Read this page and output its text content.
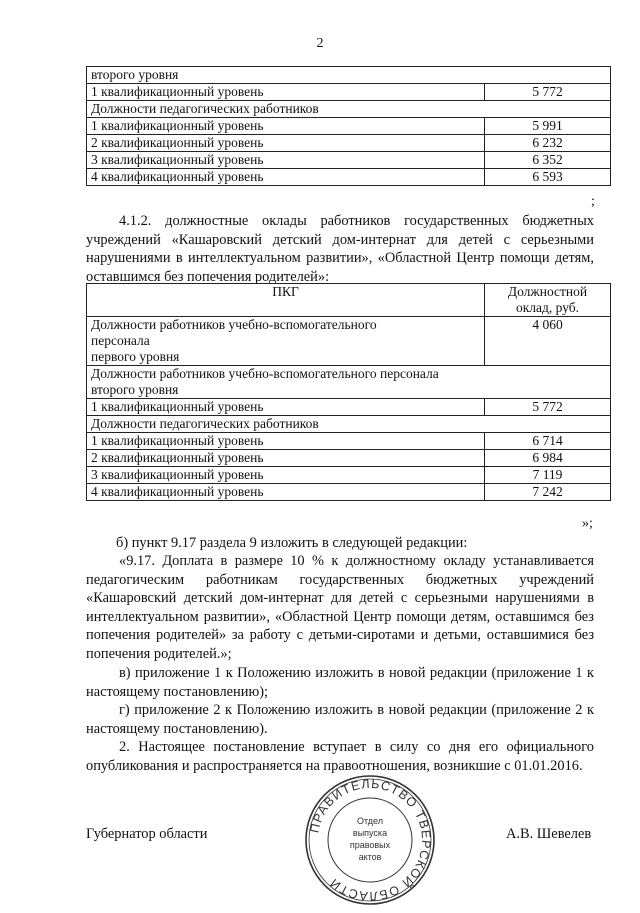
2
второго уровня	
1 квалификационный уровень	5 772
Должности педагогических работников	
1 квалификационный уровень	5 991
2 квалификационный уровень	6 232
3 квалификационный уровень	6 352
4 квалификационный уровень	6 593
;
4.1.2. должностные оклады работников государственных бюджетных учреждений «Кашаровский детский дом-интернат для детей с серьезными нарушениями в интеллектуальном развитии», «Областной Центр помощи детям, оставшимся без попечения родителей»:
ПКГ	Должностной
оклад, руб.

Должности работников учебно-вспомогательного
персонала
первого уровня	4 060

Должности работников учебно-вспомогательного персонала
второго уровня	

1 квалификационный уровень	5 772
Должности педагогических работников	
1 квалификационный уровень	6 714
2 квалификационный уровень	6 984
3 квалификационный уровень	7 119
4 квалификационный уровень	7 242
»;
б) пункт 9.17 раздела 9 изложить в следующей редакции:
«9.17. Доплата в размере 10 % к должностному окладу устанавливается педагогическим работникам государственных бюджетных учреждений «Кашаровский детский дом-интернат для детей с серьезными нарушениями в интеллектуальном развитии», «Областной Центр помощи детям, оставшимся без попечения родителей» за работу с детьми-сиротами и детьми, оставшимися без попечения родителей.»;
в) приложение 1 к Положению изложить в новой редакции (приложение 1 к настоящему постановлению);
г) приложение 2 к Положению изложить в новой редакции (приложение 2 к настоящему постановлению).
2. Настоящее постановление вступает в силу со дня его официального опубликования и распространяется на правоотношения, возникшие с 01.01.2016.
Губернатор области	А.В. Шевелев
ПРАВИТЕЛЬСТВО ТВЕРСКОЙ ОБЛАСТИ
Отдел
выпуска
правовых
актов
